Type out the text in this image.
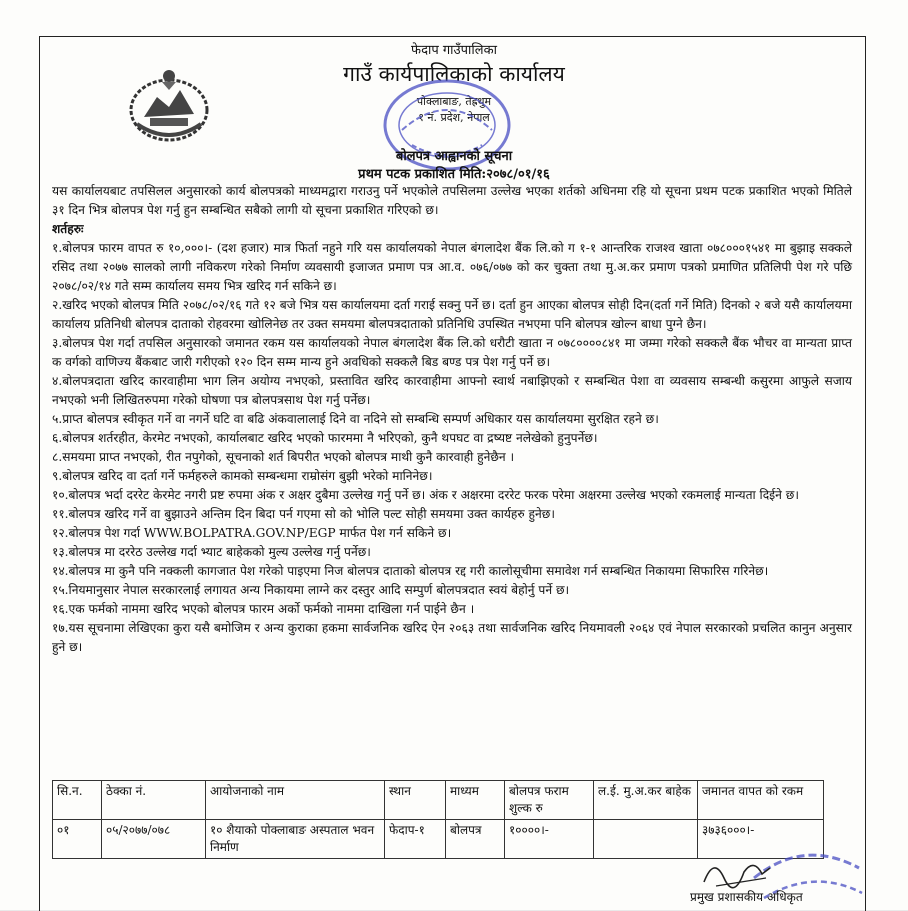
फेदाप गाउँपालिका
गाउँ कार्यपालिकाको कार्यालय
पोक्लाबाङ, तेह्रथुम
१ नं. प्रदेश, नेपाल
बोलपत्र आह्वानको सूचना
प्रथम पटक प्रकाशित मिति:२०७८/०१/१६

यस कार्यालयबाट तपसिलल अनुसारको कार्य बोलपत्रको माध्यमद्वारा गराउनु पर्ने भएकोले तपसिलमा उल्लेख भएका शर्तको अधिनमा रहि यो सूचना प्रथम पटक प्रकाशित भएको मितिले ३१ दिन भित्र बोलपत्र पेश गर्नु हुन सम्बन्धित सबैको लागी यो सूचना प्रकाशित गरिएको छ।

शर्तहरुः

१.बोलपत्र फारम वापत रु १०,०००।- (दश हजार) मात्र फिर्ता नहुने गरि यस कार्यालयको नेपाल बंगलादेश बैंक लि.को ग १-१ आन्तरिक राजश्व खाता ०७८०००१५४१ मा बुझाइ सक्कले रसिद तथा २०७७ सालको लागी नविकरण गरेको निर्माण व्यवसायी इजाजत प्रमाण पत्र आ.व. ०७६/०७७ को कर चुक्ता तथा मु.अ.कर प्रमाण पत्रको प्रमाणित प्रतिलिपी पेश गरे पछि २०७८/०२/१४ गते सम्म कार्यालय समय भित्र खरिद गर्न सकिने छ।

२.खरिद भएको बोलपत्र मिति २०७८/०२/१६ गते १२ बजे भित्र यस कार्यालयमा दर्ता गराई सक्नु पर्ने छ। दर्ता हुन आएका बोलपत्र सोही दिन(दर्ता गर्ने मिति) दिनको २ बजे यसै कार्यालयमा कार्यालय प्रतिनिधी बोलपत्र दाताको रोहवरमा खोलिनेछ तर उक्त समयमा बोलपत्रदाताको प्रतिनिधि उपस्थित नभएमा पनि बोलपत्र खोल्न बाधा पुग्ने छैन।

३.बोलपत्र पेश गर्दा तपसिल अनुसारको जमानत रकम यस कार्यालयको नेपाल बंगलादेश बैंक लि.को धरौटी खाता न ०७८००००८४१ मा जम्मा गरेको सक्कलै बैंक भौचर वा मान्यता प्राप्त क वर्गको वाणिज्य बैंकबाट जारी गरीएको १२० दिन सम्म मान्य हुने अवधिको सक्कलै बिड बण्ड पत्र पेश गर्नु पर्ने छ।

४.बोलपत्रदाता खरिद कारवाहीमा भाग लिन अयोग्य नभएको, प्रस्तावित खरिद कारवाहीमा आफ्नो स्वार्थ नबाझिएको र सम्बन्धित पेशा वा व्यवसाय सम्बन्धी कसुरमा आफुले सजाय नभएको भनी लिखितरुपमा गरेको घोषणा पत्र बोलपत्रसाथ पेश गर्नु पर्नेछ।

५.प्राप्त बोलपत्र स्वीकृत गर्ने वा नगर्ने घटि वा बढि अंकवालालाई दिने वा नदिने सो सम्बन्धि सम्पर्ण अधिकार यस कार्यालयमा सुरक्षित रहने छ।

६.बोलपत्र शर्तरहीत, केरमेट नभएको, कार्यालबाट खरिद भएको फारममा नै भरिएको, कुनै थपघट वा द्रष्यष्ट नलेखेको हुनुपर्नेछ।

८.समयमा प्राप्त नभएको, रीत नपुगेको, सूचनाको शर्त बिपरीत भएको बोलपत्र माथी कुनै कारवाही हुनेछैन ।

९.बोलपत्र खरिद वा दर्ता गर्ने फर्महरुले कामको सम्बन्धमा राम्रोसंग बुझी भरेको मानिनेछ।

१०.बोलपत्र भर्दा दररेट केरमेट नगरी प्रष्ट रुपमा अंक र अक्षर दुबैमा उल्लेख गर्नु पर्ने छ। अंक र अक्षरमा दररेट फरक परेमा अक्षरमा उल्लेख भएको रकमलाई मान्यता दिईने छ।

११.बोलपत्र खरिद गर्ने वा बुझाउने अन्तिम दिन बिदा पर्न गएमा सो को भोलि पल्ट सोही समयमा उक्त कार्यहरु हुनेछ।

१२.बोलपत्र पेश गर्दा WWW.BOLPATRA.GOV.NP/EGP मार्फत पेश गर्न सकिने छ।

१३.बोलपत्र मा दररेठ उल्लेख गर्दा भ्याट बाहेकको मुल्य उल्लेख गर्नु पर्नेछ।

१४.बोलपत्र मा कुनै पनि नक्कली कागजात पेश गरेको पाइएमा निज बोलपत्र दाताको बोलपत्र रद्द गरी कालोसूचीमा समावेश गर्न सम्बन्धित निकायमा सिफारिस गरिनेछ।

१५.नियमानुसार नेपाल सरकारलाई लगायत अन्य निकायमा लाग्ने कर दस्तुर आदि सम्पुर्ण बोलपत्रदात स्वयं बेहोर्नु पर्ने छ।

१६.एक फर्मको नाममा खरिद भएको बोलपत्र फारम अर्को फर्मको नाममा दाखिला गर्न पाईने छैन ।

१७.यस सूचनामा लेखिएका कुरा यसै बमोजिम र अन्य कुराका हकमा सार्वजनिक खरिद ऐन २०६३ तथा सार्वजनिक खरिद नियमावली २०६४ एवं नेपाल सरकारको प्रचलित कानुन अनुसार हुने छ।

सि.न.	ठेक्का नं.	आयोजनाको नाम	स्थान	माध्यम	बोलपत्र फराम शुल्क रु	ल.ई. मु.अ.कर बाहेक	जमानत वापत को रकम
०१	०५/२०७७/०७८	१० शैयाको पोक्लाबाङ अस्पताल भवन निर्माण	फेदाप-१	बोलपत्र	१००००।-		३७३६०००।-
प्रमुख प्रशासकीय अधिकृत
